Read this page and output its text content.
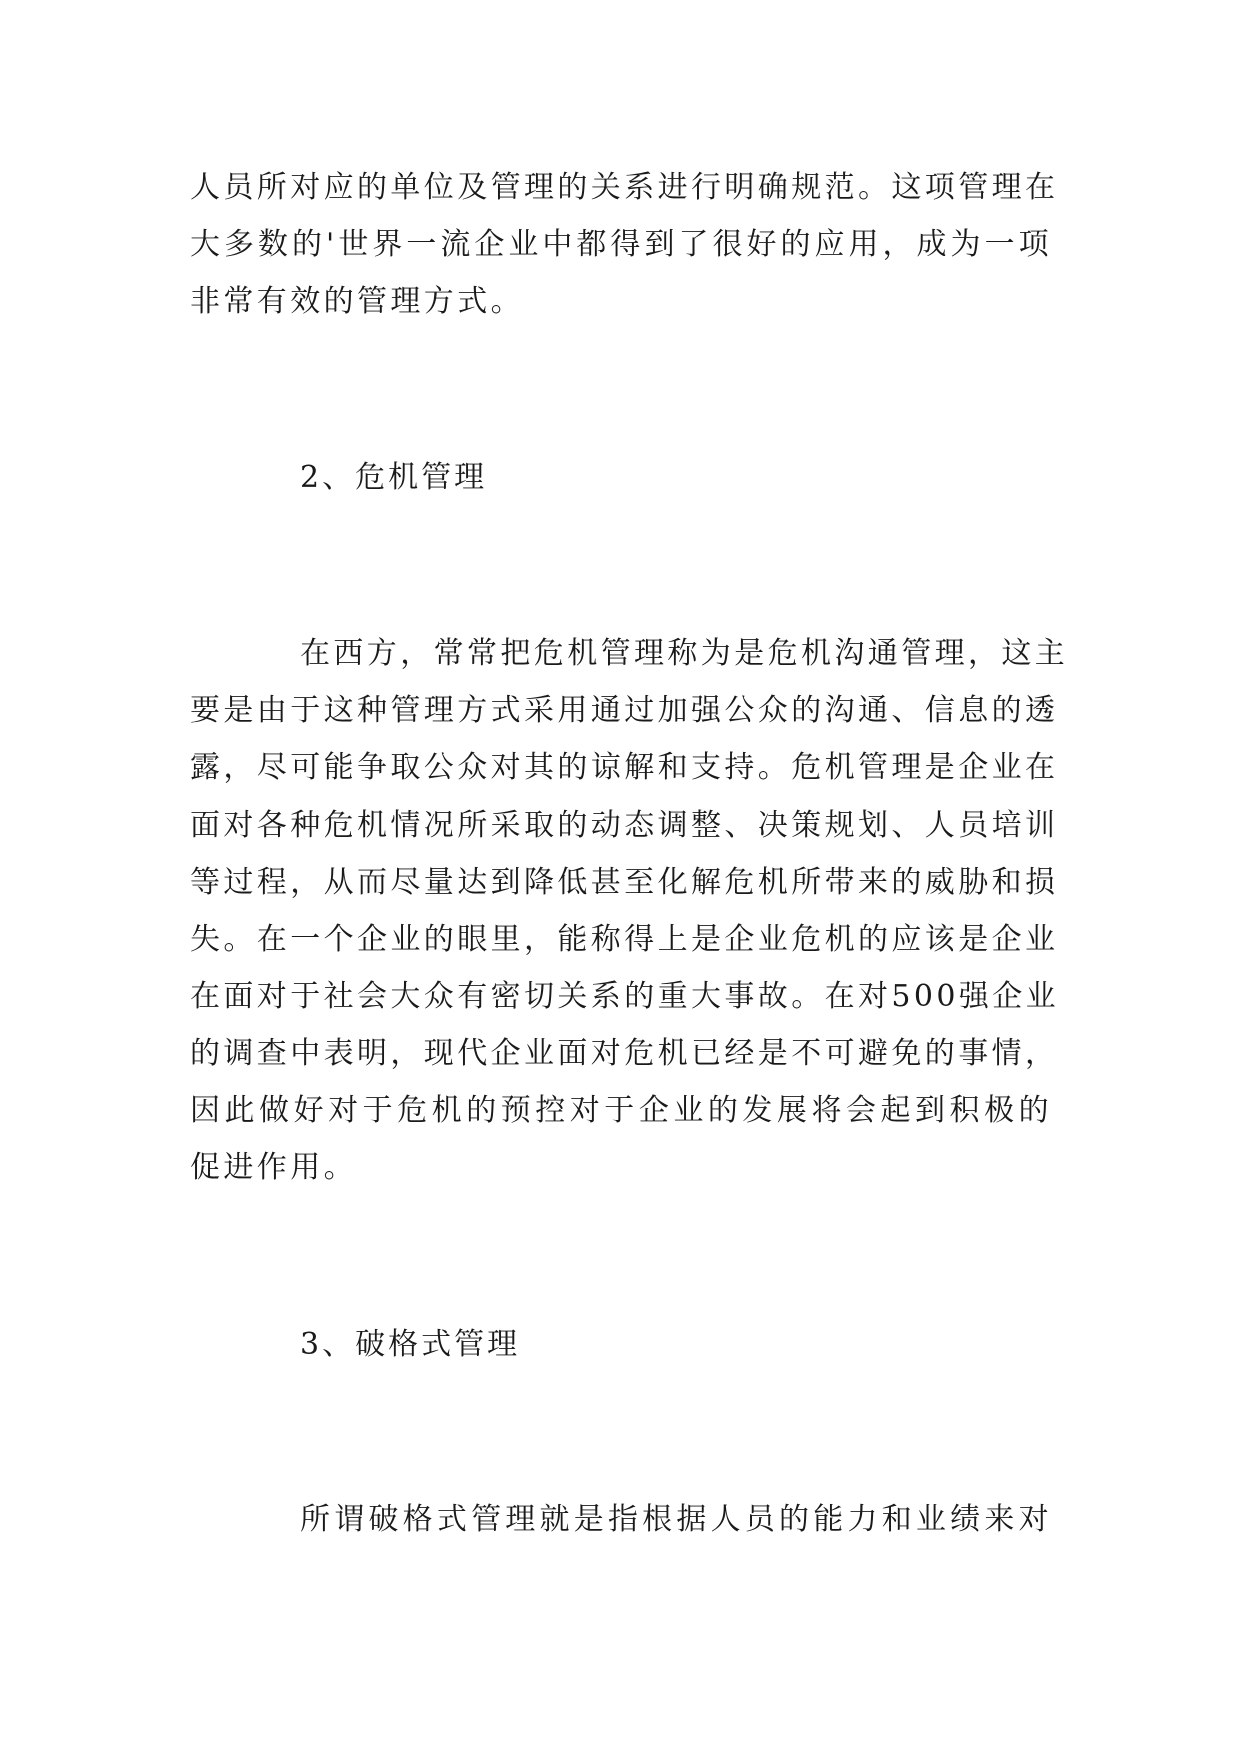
人员所对应的单位及管理的关系进行明确规范。这项管理在
大多数的'世界一流企业中都得到了很好的应用，成为一项
非常有效的管理方式。
2、危机管理
在西方，常常把危机管理称为是危机沟通管理，这主
要是由于这种管理方式采用通过加强公众的沟通、信息的透
露，尽可能争取公众对其的谅解和支持。危机管理是企业在
面对各种危机情况所采取的动态调整、决策规划、人员培训
等过程，从而尽量达到降低甚至化解危机所带来的威胁和损
失。在一个企业的眼里，能称得上是企业危机的应该是企业
在面对于社会大众有密切关系的重大事故。在对500强企业
的调查中表明，现代企业面对危机已经是不可避免的事情，
因此做好对于危机的预控对于企业的发展将会起到积极的
促进作用。
3、破格式管理
所谓破格式管理就是指根据人员的能力和业绩来对
